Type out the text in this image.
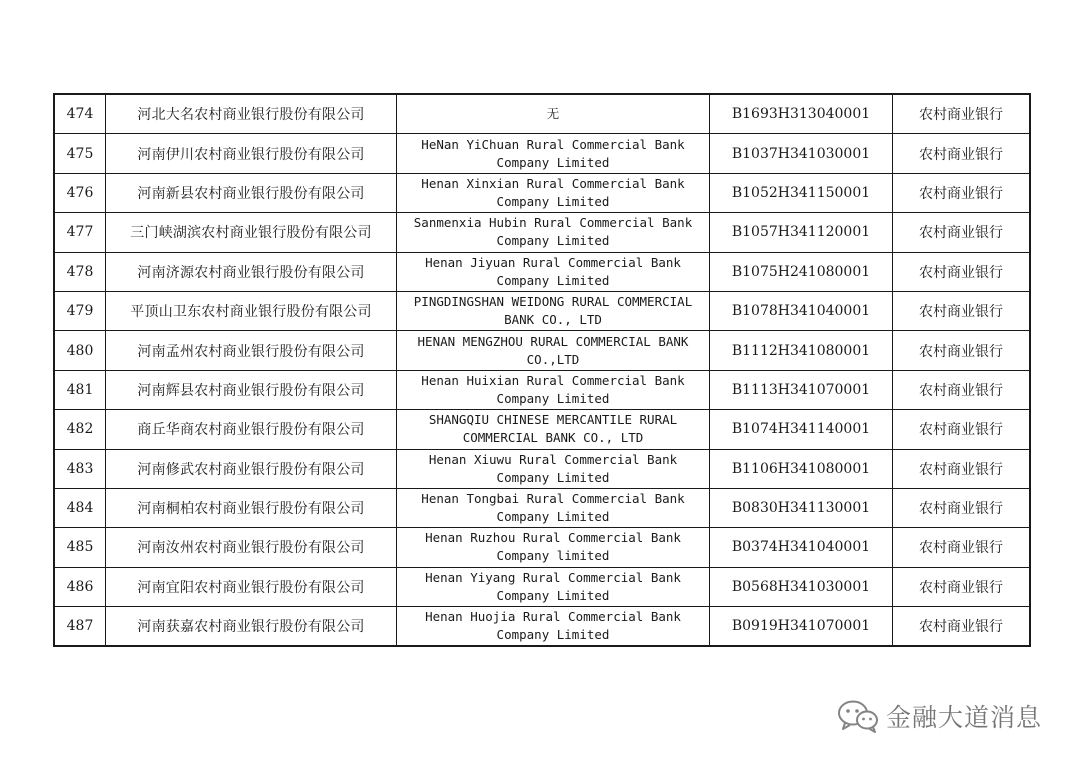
474	河北大名农村商业银行股份有限公司	无	B1693H313040001	农村商业银行
475	河南伊川农村商业银行股份有限公司	HeNan YiChuan Rural Commercial Bank Company Limited	B1037H341030001	农村商业银行
476	河南新县农村商业银行股份有限公司	Henan Xinxian Rural Commercial Bank Company Limited	B1052H341150001	农村商业银行
477	三门峡湖滨农村商业银行股份有限公司	Sanmenxia Hubin Rural Commercial Bank Company Limited	B1057H341120001	农村商业银行
478	河南济源农村商业银行股份有限公司	Henan Jiyuan Rural Commercial Bank Company Limited	B1075H241080001	农村商业银行
479	平顶山卫东农村商业银行股份有限公司	PINGDINGSHAN WEIDONG RURAL COMMERCIAL BANK CO., LTD	B1078H341040001	农村商业银行
480	河南孟州农村商业银行股份有限公司	HENAN MENGZHOU RURAL COMMERCIAL BANK CO.,LTD	B1112H341080001	农村商业银行
481	河南辉县农村商业银行股份有限公司	Henan Huixian Rural Commercial Bank Company Limited	B1113H341070001	农村商业银行
482	商丘华商农村商业银行股份有限公司	SHANGQIU CHINESE MERCANTILE RURAL COMMERCIAL BANK CO., LTD	B1074H341140001	农村商业银行
483	河南修武农村商业银行股份有限公司	Henan Xiuwu Rural Commercial Bank Company Limited	B1106H341080001	农村商业银行
484	河南桐柏农村商业银行股份有限公司	Henan Tongbai Rural Commercial Bank Company Limited	B0830H341130001	农村商业银行
485	河南汝州农村商业银行股份有限公司	Henan Ruzhou Rural Commercial Bank Company limited	B0374H341040001	农村商业银行
486	河南宜阳农村商业银行股份有限公司	Henan Yiyang Rural Commercial Bank Company Limited	B0568H341030001	农村商业银行
487	河南获嘉农村商业银行股份有限公司	Henan Huojia Rural Commercial Bank Company Limited	B0919H341070001	农村商业银行
金融大道消息
